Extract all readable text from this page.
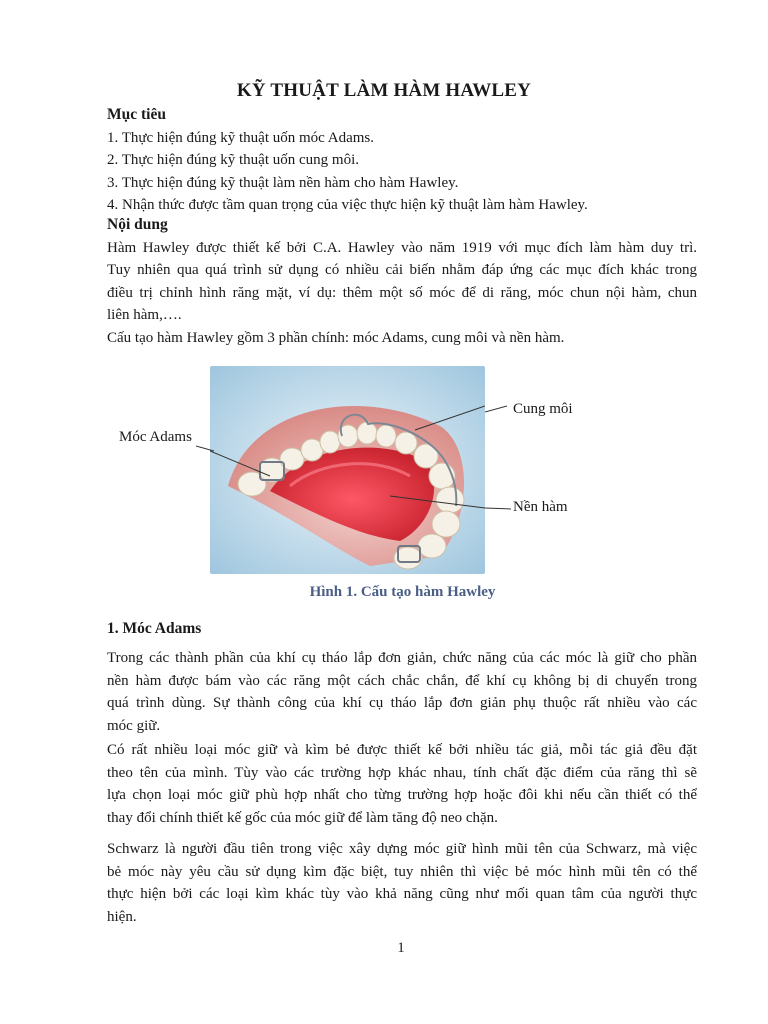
KỸ THUẬT LÀM HÀM HAWLEY
Mục tiêu
1. Thực hiện đúng kỹ thuật uốn móc Adams.
2. Thực hiện đúng kỹ thuật uốn cung môi.
3. Thực hiện đúng kỹ thuật làm nền hàm cho hàm Hawley.
4. Nhận thức được tầm quan trọng của việc thực hiện kỹ thuật làm hàm Hawley.
Nội dung
Hàm Hawley được thiết kế bởi C.A. Hawley vào năm 1919 với mục đích làm hàm duy trì.
Tuy nhiên qua quá trình sử dụng có nhiều cải biến nhằm đáp ứng các mục đích khác trong
điều trị chỉnh hình răng mặt, ví dụ: thêm một số móc để di răng, móc chun nội hàm, chun
liên hàm,….
Cấu tạo hàm Hawley gồm 3 phần chính: móc Adams, cung môi và nền hàm.
Móc Adams
Cung môi
Nền hàm
Hình 1. Cấu tạo hàm Hawley
1. Móc Adams
Trong các thành phần của khí cụ tháo lắp đơn giản, chức năng của các móc là giữ cho phần
nền hàm được bám vào các răng một cách chắc chắn, để khí cụ không bị di chuyển trong
quá trình dùng. Sự thành công của khí cụ tháo lắp đơn giản phụ thuộc rất nhiều vào các
móc giữ.
Có rất nhiều loại móc giữ và kìm bẻ được thiết kế bởi nhiều tác giả, mỗi tác giả đều đặt
theo tên của mình. Tùy vào các trường hợp khác nhau, tính chất đặc điểm của răng thì sẽ
lựa chọn loại móc giữ phù hợp nhất cho từng trường hợp hoặc đôi khi nếu cần thiết có thể
thay đổi chính thiết kế gốc của móc giữ để làm tăng độ neo chặn.
Schwarz là người đầu tiên trong việc xây dựng móc giữ hình mũi tên của Schwarz, mà việc
bẻ móc này yêu cầu sử dụng kìm đặc biệt, tuy nhiên thì việc bẻ móc hình mũi tên có thể
thực hiện bởi các loại kìm khác tùy vào khả năng cũng như mối quan tâm của người thực
hiện.
1
